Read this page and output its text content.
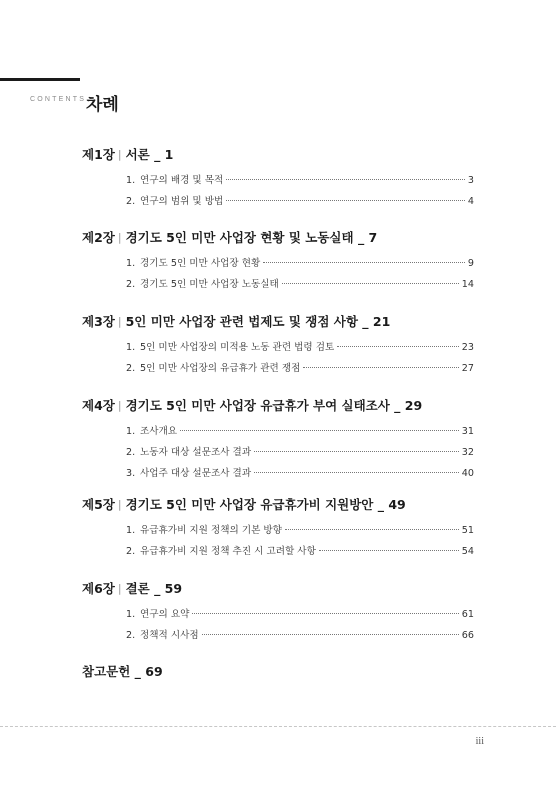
CONTENTS 차례
제1장 | 서론 _ 1
1. 연구의 배경 및 목적	3
2. 연구의 범위 및 방법	4
제2장 | 경기도 5인 미만 사업장 현황 및 노동실태 _ 7
1. 경기도 5인 미만 사업장 현황	9
2. 경기도 5인 미만 사업장 노동실태	14
제3장 | 5인 미만 사업장 관련 법제도 및 쟁점 사항 _ 21
1. 5인 미만 사업장의 미적용 노동 관련 법령 검토	23
2. 5인 미만 사업장의 유급휴가 관련 쟁점	27
제4장 | 경기도 5인 미만 사업장 유급휴가 부여 실태조사 _ 29
1. 조사개요	31
2. 노동자 대상 설문조사 결과	32
3. 사업주 대상 설문조사 결과	40
제5장 | 경기도 5인 미만 사업장 유급휴가비 지원방안 _ 49
1. 유급휴가비 지원 정책의 기본 방향	51
2. 유급휴가비 지원 정책 추진 시 고려할 사항	54
제6장 | 결론 _ 59
1. 연구의 요약	61
2. 정책적 시사점	66
참고문헌 _ 69
iii
